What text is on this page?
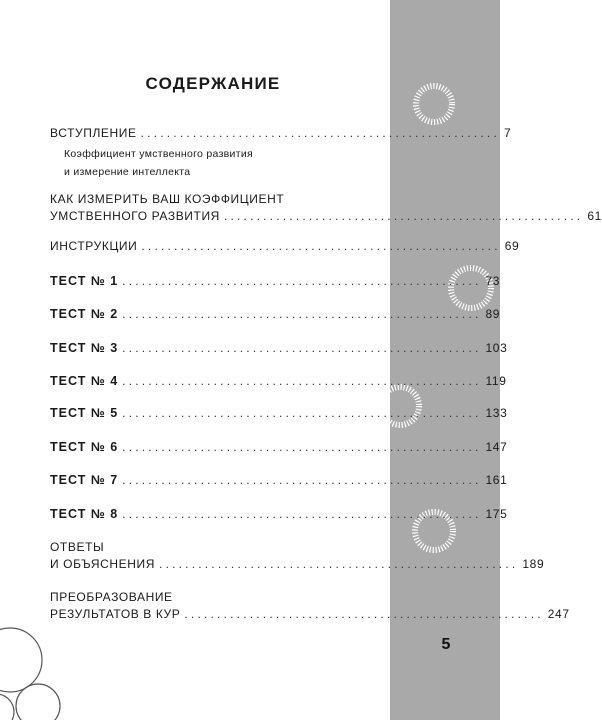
5
СОДЕРЖАНИЕ
ВСТУПЛЕНИЕ ....................................................... 7
Коэффициент умственного развития
и измерение интеллекта
КАК ИЗМЕРИТЬ ВАШ КОЭФФИЦИЕНТ
УМСТВЕННОГО РАЗВИТИЯ ....................................................... 61
ИНСТРУКЦИИ ....................................................... 69
ТЕСТ № 1 ....................................................... 73
ТЕСТ № 2 ....................................................... 89
ТЕСТ № 3 ....................................................... 103
ТЕСТ № 4 ....................................................... 119
ТЕСТ № 5 ....................................................... 133
ТЕСТ № 6 ....................................................... 147
ТЕСТ № 7 ....................................................... 161
ТЕСТ № 8 ....................................................... 175
ОТВЕТЫ
И ОБЪЯСНЕНИЯ ....................................................... 189
ПРЕОБРАЗОВАНИЕ
РЕЗУЛЬТАТОВ В КУР ....................................................... 247
